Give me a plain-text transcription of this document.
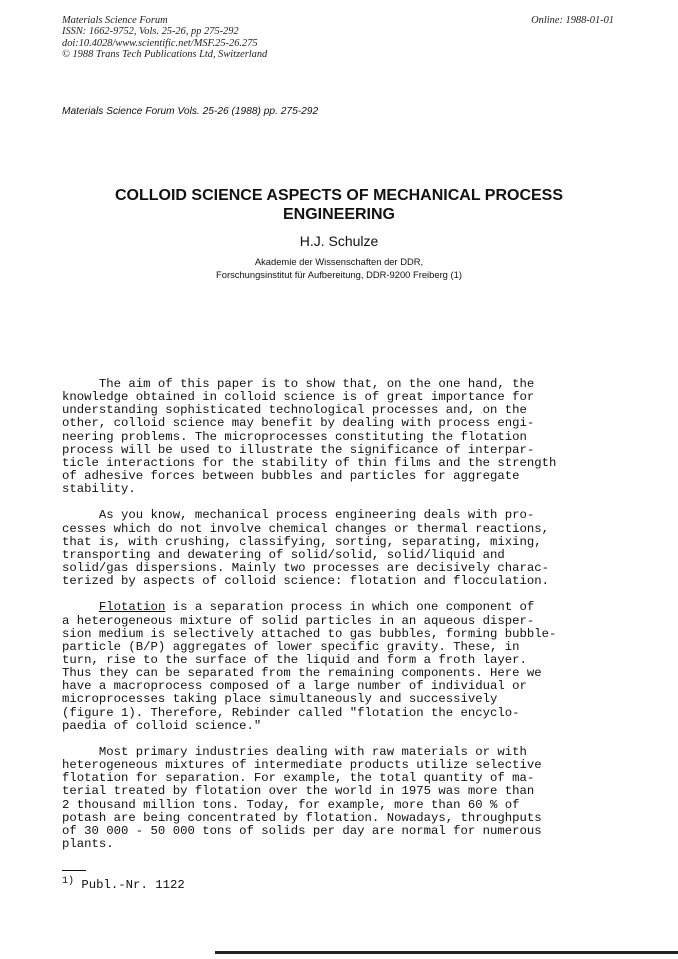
Materials Science Forum
ISSN: 1662-9752, Vols. 25-26, pp 275-292
doi:10.4028/www.scientific.net/MSF.25-26.275
© 1988 Trans Tech Publications Ltd, Switzerland
Online: 1988-01-01
Materials Science Forum Vols. 25-26 (1988) pp. 275-292
COLLOID SCIENCE ASPECTS OF MECHANICAL PROCESS
ENGINEERING
H.J. Schulze
Akademie der Wissenschaften der DDR,
Forschungsinstitut für Aufbereitung, DDR-9200 Freiberg (1)
The aim of this paper is to show that, on the one hand, the
knowledge obtained in colloid science is of great importance for
understanding sophisticated technological processes and, on the
other, colloid science may benefit by dealing with process engi-
neering problems. The microprocesses constituting the flotation
process will be used to illustrate the significance of interpar-
ticle interactions for the stability of thin films and the strength
of adhesive forces between bubbles and particles for aggregate
stability.
As you know, mechanical process engineering deals with pro-
cesses which do not involve chemical changes or thermal reactions,
that is, with crushing, classifying, sorting, separating, mixing,
transporting and dewatering of solid/solid, solid/liquid and
solid/gas dispersions. Mainly two processes are decisively charac-
terized by aspects of colloid science: flotation and flocculation.
Flotation is a separation process in which one component of
a heterogeneous mixture of solid particles in an aqueous disper-
sion medium is selectively attached to gas bubbles, forming bubble-
particle (B/P) aggregates of lower specific gravity. These, in
turn, rise to the surface of the liquid and form a froth layer.
Thus they can be separated from the remaining components. Here we
have a macroprocess composed of a large number of individual or
microprocesses taking place simultaneously and successively
(figure 1). Therefore, Rebinder called "flotation the encyclo-
paedia of colloid science."
Most primary industries dealing with raw materials or with
heterogeneous mixtures of intermediate products utilize selective
flotation for separation. For example, the total quantity of ma-
terial treated by flotation over the world in 1975 was more than
2 thousand million tons. Today, for example, more than 60 % of
potash are being concentrated by flotation. Nowadays, throughputs
of 30 000 - 50 000 tons of solids per day are normal for numerous
plants.
$^{1)}$ Publ.-Nr. 1122
